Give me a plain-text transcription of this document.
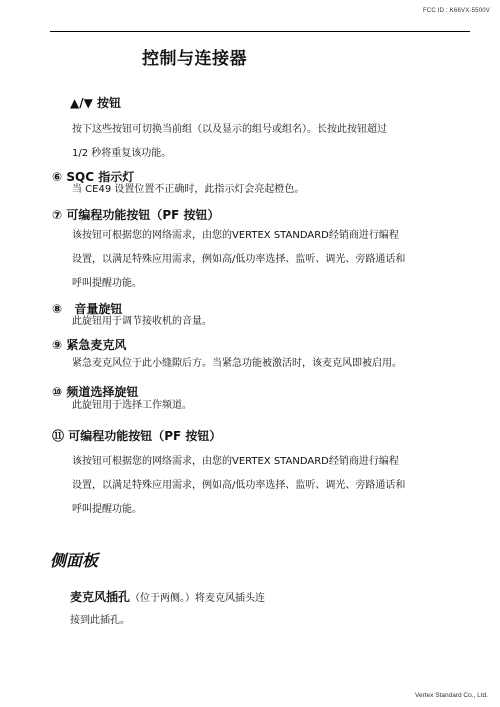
FCC ID : K66VX-5500V
控制与连接器
▲/▼ 按钮
按下这些按钮可切换当前组（以及显示的组号或组名）。长按此按钮超过
1/2 秒将重复该功能。
⑥ SQC 指示灯
当 CE49 设置位置不正确时，此指示灯会亮起橙色。
⑦ 可编程功能按钮（PF 按钮）
该按钮可根据您的网络需求，由您的VERTEX STANDARD经销商进行编程
设置，以满足特殊应用需求，例如高/低功率选择、监听、调光、旁路通话和
呼叫提醒功能。
⑧ 音量旋钮
此旋钮用于调节接收机的音量。
⑨ 紧急麦克风
紧急麦克风位于此小缝隙后方。当紧急功能被激活时，该麦克风即被启用。
⑩ 频道选择旋钮
此旋钮用于选择工作频道。
⑪ 可编程功能按钮（PF 按钮）
该按钮可根据您的网络需求，由您的VERTEX STANDARD经销商进行编程
设置，以满足特殊应用需求，例如高/低功率选择、监听、调光、旁路通话和
呼叫提醒功能。
侧面板
麦克风插孔（位于两侧。）将麦克风插头连
接到此插孔。
Vertex Standard Co., Ltd.
